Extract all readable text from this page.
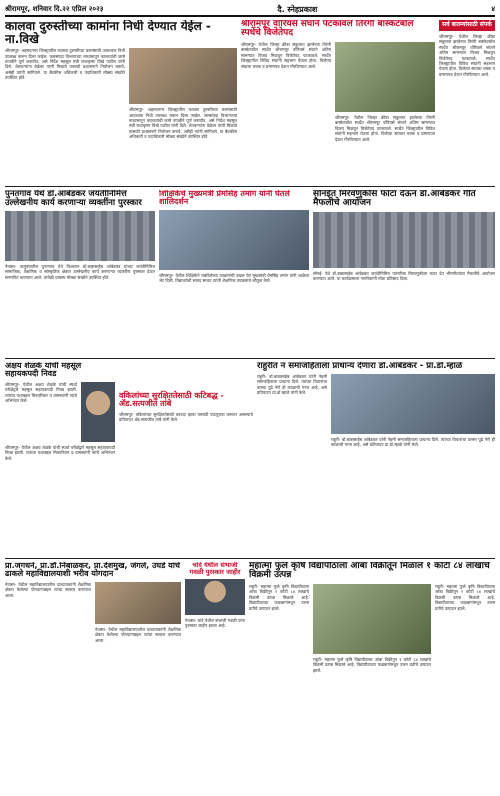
श्रीरामपूर, शनिवार दि.२२ एप्रिल २०२३	दै. स्नेहप्रकाश	४
कालवा दुरुस्तीच्या कामांना निधी देण्यात येईल - ना.विखे
श्रीरामपूर- अहमदनगर जिल्ह्यातील कालवा दुरुस्तीच्या कामांसाठी आवश्यक निधी उपलब्ध करून दिला जाईल. जलसंपदा विभागाच्या माध्यमातून कालव्यांची कामे तातडीने पूर्ण करावीत, असे निर्देश महसूल मंत्री राधाकृष्ण विखे पाटील यांनी दिले. शेतकऱ्यांना वेळेवर पाणी मिळावे यासाठी प्रशासनाने नियोजन करावे, असेही त्यांनी सांगितले. या बैठकीस अधिकारी व पदाधिकारी मोठ्या संख्येने उपस्थित होते.
श्रीरामपूर- अहमदनगर जिल्ह्यातील कालवा दुरुस्तीच्या कामांसाठी आवश्यक निधी उपलब्ध करून दिला जाईल. जलसंपदा विभागाच्या माध्यमातून कालव्यांची कामे तातडीने पूर्ण करावीत, असे निर्देश महसूल मंत्री राधाकृष्ण विखे पाटील यांनी दिले. शेतकऱ्यांना वेळेवर पाणी मिळावे यासाठी प्रशासनाने नियोजन करावे, असेही त्यांनी सांगितले. या बैठकीस अधिकारी व पदाधिकारी मोठ्या संख्येने उपस्थित होते.
श्रीरामपूर वॉरियर्स संघाने पटकावले तिरंगी बास्केटबॉल स्पर्धेचे विजेतेपद
श्रीरामपूर- येथील जिल्हा क्रीडा संकुलात झालेल्या तिरंगी बास्केटबॉल स्पर्धेत श्रीरामपूर वॉरियर्स संघाने अंतिम सामन्यात विजय मिळवून विजेतेपद पटकावले. स्पर्धेत जिल्ह्यातील विविध संघांनी सहभाग घेतला होता. विजेत्या संघाला चषक व प्रमाणपत्र देऊन गौरविण्यात आले.
श्रीरामपूर- येथील जिल्हा क्रीडा संकुलात झालेल्या तिरंगी बास्केटबॉल स्पर्धेत श्रीरामपूर वॉरियर्स संघाने अंतिम सामन्यात विजय मिळवून विजेतेपद पटकावले. स्पर्धेत जिल्ह्यातील विविध संघांनी सहभाग घेतला होता. विजेत्या संघाला चषक व प्रमाणपत्र देऊन गौरविण्यात आले.
सर्व बातम्यांसाठी संपर्क
श्रीरामपूर- येथील जिल्हा क्रीडा संकुलात झालेल्या तिरंगी बास्केटबॉल स्पर्धेत श्रीरामपूर वॉरियर्स संघाने अंतिम सामन्यात विजय मिळवून विजेतेपद पटकावले. स्पर्धेत जिल्ह्यातील विविध संघांनी सहभाग घेतला होता. विजेत्या संघाला चषक व प्रमाणपत्र देऊन गौरविण्यात आले.
पुनतगाव येथे डॉ.आंबेडकर जयंतीनिमित्त उल्लेखनीय कार्य करणाऱ्या व्यक्तींना पुरस्कार
नेवासा- तालुक्यातील पुनतगाव येथे विश्वरत्न डॉ.बाबासाहेब आंबेडकर यांच्या जयंतीनिमित्त सामाजिक, शैक्षणिक व सांस्कृतिक क्षेत्रात उल्लेखनीय कार्य करणाऱ्या व्यक्तींना पुरस्कार देऊन सन्मानित करण्यात आले. यावेळी ग्रामस्थ मोठ्या संख्येने उपस्थित होते.
शिक्षिकेचे मुख्यमंत्री प्रेमसिंह तमांग यांनी घेतले शालिदर्शन
श्रीरामपूर- येथील शिक्षिकेने राबविलेल्या उपक्रमांची दखल घेत मुख्यमंत्री प्रेमसिंह तमांग यांनी शाळेला भेट दिली. विद्यार्थ्यांशी संवाद साधत त्यांनी शैक्षणिक उपक्रमांचे कौतुक केले.
सोनईत मिरवणुकीस फाटा देऊन डॉ.आंबेडकर गीत मैफलीचे आयोजन
सोनई- येथे डॉ.बाबासाहेब आंबेडकर जयंतीनिमित्त पारंपरिक मिरवणुकीला फाटा देत भीमगीतांच्या मैफलीचे आयोजन करण्यात आले. या कार्यक्रमाला नागरिकांनी मोठा प्रतिसाद दिला.
अक्षय शेळके यांची महसूल सहायकपदी निवड
श्रीरामपूर- येथील अक्षय शेळके यांची स्पर्धा परीक्षेद्वारे महसूल सहायकपदी निवड झाली. त्यांच्या यशाबद्दल मित्रपरिवार व ग्रामस्थांनी त्यांचे अभिनंदन केले.
श्रीरामपूर- येथील अक्षय शेळके यांची स्पर्धा परीक्षेद्वारे महसूल सहायकपदी निवड झाली. त्यांच्या यशाबद्दल मित्रपरिवार व ग्रामस्थांनी त्यांचे अभिनंदन केले.
वकिलांच्या सुरक्षिततेसाठी कटिबद्ध - ॲड.सत्यजीत तांबे
श्रीरामपूर- वकिलांच्या सुरक्षिततेसाठी कायदा व्हावा यासाठी पाठपुरावा करणार असल्याचे प्रतिपादन ॲड.सत्यजीत तांबे यांनी केले.
राहुरीत न समाजहिताला प्राधान्य देणारा डॉ.आंबेडकर - प्रा.डॉ.म्हाळे
राहुरी- डॉ.बाबासाहेब आंबेडकर यांनी नेहमी समाजहिताला प्राधान्य दिले. त्यांच्या विचारांचा वारसा पुढे नेणे ही काळाची गरज आहे, असे प्रतिपादन प्रा.डॉ.म्हाळे यांनी केले.
राहुरी- डॉ.बाबासाहेब आंबेडकर यांनी नेहमी समाजहिताला प्राधान्य दिले. त्यांच्या विचारांचा वारसा पुढे नेणे ही काळाची गरज आहे, असे प्रतिपादन प्रा.डॉ.म्हाळे यांनी केले.
प्रा.जगधने, प्रा.डॉ.निंबाळकर, प्रा.देशमुख, जंगले, उघडे यांचे ढाकले महाविद्यालयाशी भरीव योगदान
नेवासा- येथील महाविद्यालयातील प्राध्यापकांनी शैक्षणिक क्षेत्रात केलेल्या योगदानाबद्दल त्यांचा सत्कार करण्यात आला.
नेवासा- येथील महाविद्यालयातील प्राध्यापकांनी शैक्षणिक क्षेत्रात केलेल्या योगदानाबद्दल त्यांचा सत्कार करण्यात आला.
चांदे येथील संभाजी गवळी पुरस्कार जाहीर
नेवासा- चांदे येथील संभाजी गवळी यांना पुरस्कार जाहीर झाला आहे.
महात्मा फुले कृषि विद्यापीठाला आंबा विक्रीतून मिळाले १ कोटी ८४ लाखांचे विक्रमी उत्पन्न
राहुरी- महात्मा फुले कृषि विद्यापीठाला आंबा विक्रीतून १ कोटी ८४ लाखांचे विक्रमी उत्पन्न मिळाले आहे. विद्यापीठाच्या फळबागांमधून उत्तम प्रतीचे उत्पादन झाले.
राहुरी- महात्मा फुले कृषि विद्यापीठाला आंबा विक्रीतून १ कोटी ८४ लाखांचे विक्रमी उत्पन्न मिळाले आहे. विद्यापीठाच्या फळबागांमधून उत्तम प्रतीचे उत्पादन झाले.
राहुरी- महात्मा फुले कृषि विद्यापीठाला आंबा विक्रीतून १ कोटी ८४ लाखांचे विक्रमी उत्पन्न मिळाले आहे. विद्यापीठाच्या फळबागांमधून उत्तम प्रतीचे उत्पादन झाले.
